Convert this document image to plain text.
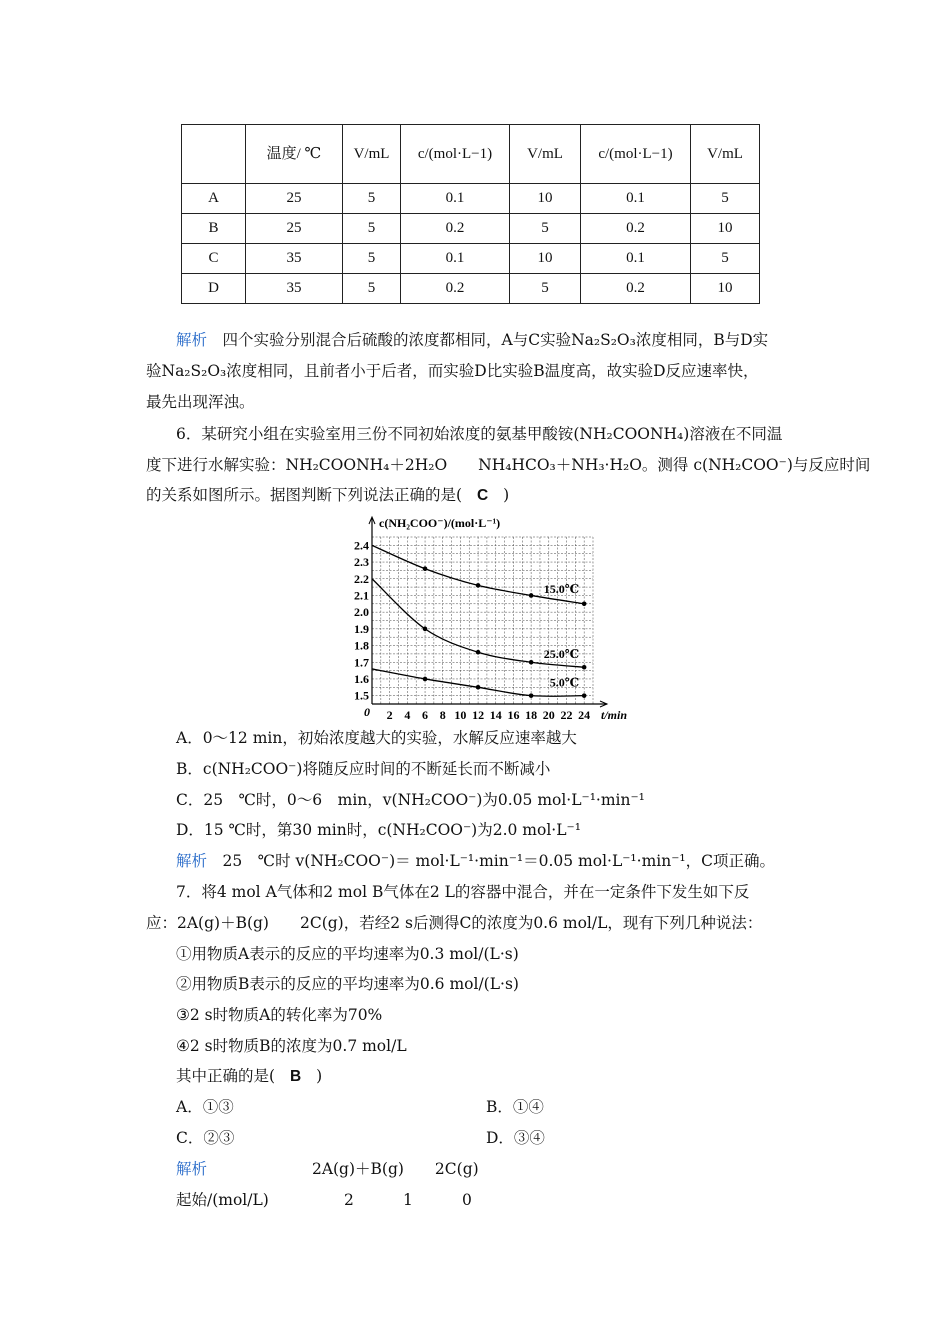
	温度/ ℃	V/mL	c/(mol·L−1)	V/mL	c/(mol·L−1)	V/mL
A	25	5	0.1	10	0.1	5
B	25	5	0.2	5	0.2	10
C	35	5	0.1	10	0.1	5
D	35	5	0.2	5	0.2	10
解析　 四个实验分别混合后硫酸的浓度都相同，A与C实验Na₂S₂O₃浓度相同，B与D实
验Na₂S₂O₃浓度相同，且前者小于后者，而实验D比实验B温度高，故实验D反应速率快，
最先出现浑浊。
6．某研究小组在实验室用三份不同初始浓度的氨基甲酸铵(NH₂COONH₄)溶液在不同温
度下进行水解实验：NH₂COONH₄＋2H₂O　　NH₄HCO₃＋NH₃·H₂O。测得 c(NH₂COO⁻)与反应时间
的关系如图所示。据图判断下列说法正确的是( C )
2 4 6 8 10 12 14 16 18 20 22 24
1.5
1.6
1.7
1.8
1.9
2.0
2.1
2.2
2.3
2.4
15.0℃
25.0℃
5.0℃
c(NH₂COO⁻)/(mol·L⁻¹)
t/min
0
A．0～12 min，初始浓度越大的实验，水解反应速率越大
B．c(NH₂COO⁻)将随反应时间的不断延长而不断减小
C．25　℃时，0～6　min，v(NH₂COO⁻)为0.05 mol·L⁻¹·min⁻¹
D．15 ℃时，第30 min时，c(NH₂COO⁻)为2.0 mol·L⁻¹
解析　 25　℃时 v(NH₂COO⁻)＝ mol·L⁻¹·min⁻¹＝0.05 mol·L⁻¹·min⁻¹，C项正确。
7．将4 mol A气体和2 mol B气体在2 L的容器中混合，并在一定条件下发生如下反
应：2A(g)＋B(g)　　2C(g)，若经2 s后测得C的浓度为0.6 mol/L，现有下列几种说法：
①用物质A表示的反应的平均速率为0.3 mol/(L·s)
②用物质B表示的反应的平均速率为0.6 mol/(L·s)
③2 s时物质A的转化率为70%
④2 s时物质B的浓度为0.7 mol/L
其中正确的是( B )
A．①③	B．①④
C．②③	D．③④
解析	2A(g)＋B(g)　　2C(g)
起始/(mol/L)	2	1	0
